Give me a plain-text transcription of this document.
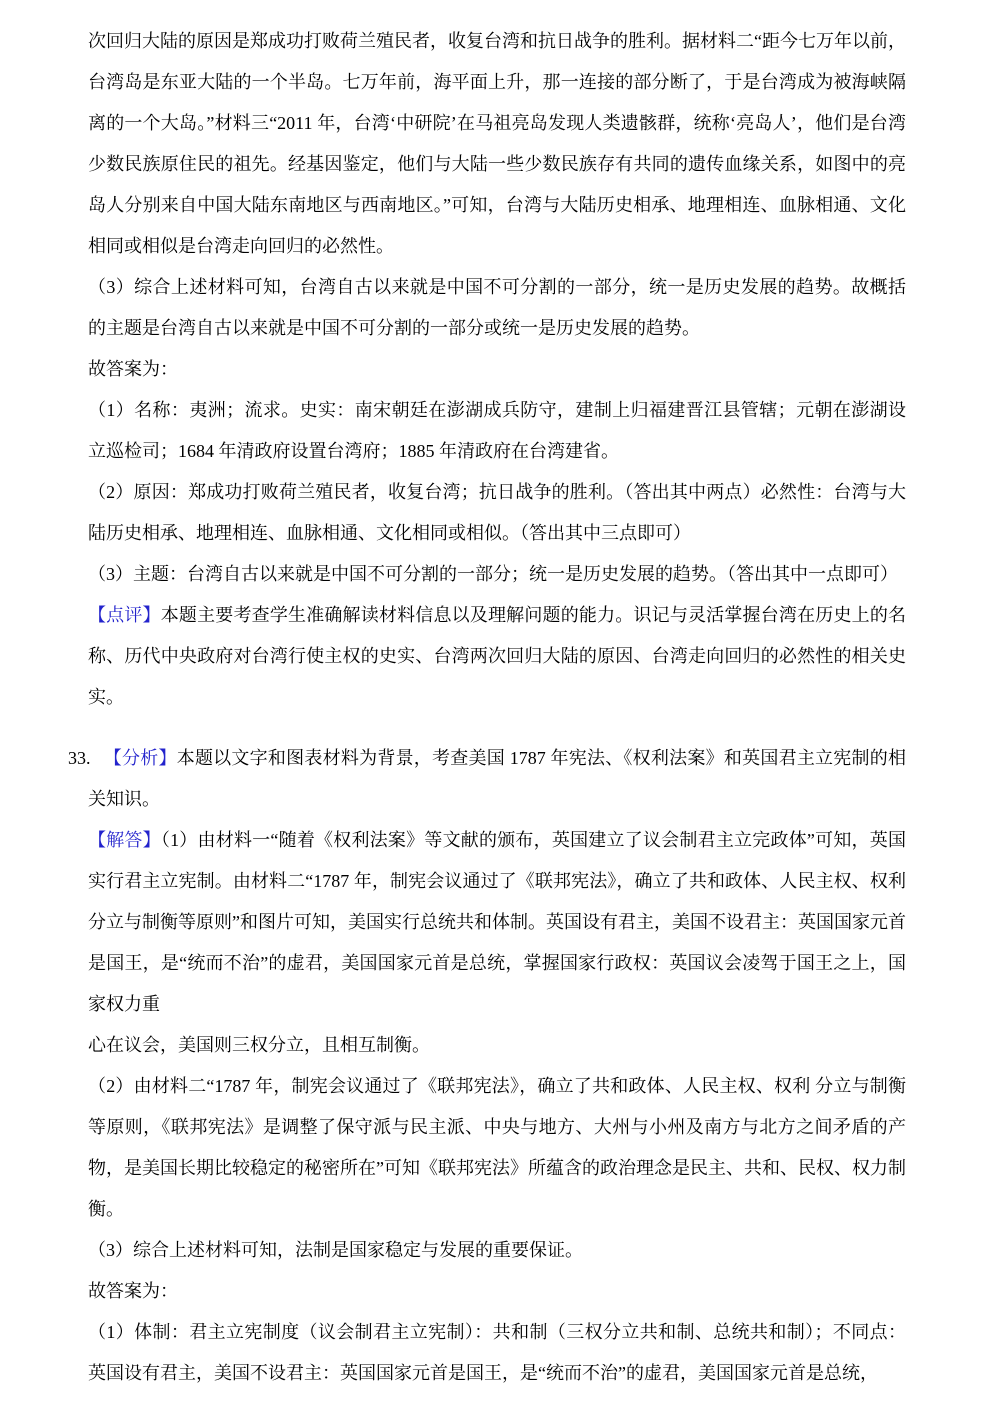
次回归大陆的原因是郑成功打败荷兰殖民者，收复台湾和抗日战争的胜利。据材料二“距今七万年以前，台湾岛是东亚大陆的一个半岛。七万年前，海平面上升，那一连接的部分断了，于是台湾成为被海峡隔离的一个大岛。”材料三“2011 年，台湾‘中研院’在马祖亮岛发现人类遗骸群，统称‘亮岛人’，他们是台湾少数民族原住民的祖先。经基因鉴定，他们与大陆一些少数民族存有共同的遗传血缘关系，如图中的亮岛人分别来自中国大陆东南地区与西南地区。”可知，台湾与大陆历史相承、地理相连、血脉相通、文化相同或相似是台湾走向回归的必然性。

（3）综合上述材料可知，台湾自古以来就是中国不可分割的一部分，统一是历史发展的趋势。故概括的主题是台湾自古以来就是中国不可分割的一部分或统一是历史发展的趋势。

故答案为：

（1）名称：夷洲；流求。史实：南宋朝廷在澎湖成兵防守，建制上归福建晋江县管辖；元朝在澎湖设立巡检司；1684 年清政府设置台湾府；1885 年清政府在台湾建省。

（2）原因：郑成功打败荷兰殖民者，收复台湾；抗日战争的胜利。（答出其中两点）必然性：台湾与大陆历史相承、地理相连、血脉相通、文化相同或相似。（答出其中三点即可）

（3）主题：台湾自古以来就是中国不可分割的一部分；统一是历史发展的趋势。（答出其中一点即可）

【点评】本题主要考查学生准确解读材料信息以及理解问题的能力。识记与灵活掌握台湾在历史上的名称、历代中央政府对台湾行使主权的史实、台湾两次回归大陆的原因、台湾走向回归的必然性的相关史实。

33. 【分析】本题以文字和图表材料为背景，考查美国 1787 年宪法、《权利法案》和英国君主立宪制的相关知识。

【解答】（1）由材料一“随着《权利法案》等文献的颁布，英国建立了议会制君主立完政体”可知，英国实行君主立宪制。由材料二“1787 年，制宪会议通过了《联邦宪法》，确立了共和政体、人民主权、权利 分立与制衡等原则”和图片可知，美国实行总统共和体制。英国设有君主，美国不设君主：英国国家元首是国王，是“统而不治”的虚君，美国国家元首是总统，掌握国家行政权：英国议会凌驾于国王之上，国家权力重
心在议会，美国则三权分立，且相互制衡。

（2）由材料二“1787 年，制宪会议通过了《联邦宪法》，确立了共和政体、人民主权、权利 分立与制衡等原则，《联邦宪法》是调整了保守派与民主派、中央与地方、大州与小州及南方与北方之间矛盾的产物，是美国长期比较稳定的秘密所在”可知《联邦宪法》所蕴含的政治理念是民主、共和、民权、权力制衡。

（3）综合上述材料可知，法制是国家稳定与发展的重要保证。

故答案为：

（1）体制：君主立宪制度（议会制君主立宪制）：共和制（三权分立共和制、总统共和制）；不同点：英国设有君主，美国不设君主：英国国家元首是国王，是“统而不治”的虚君，美国国家元首是总统，
